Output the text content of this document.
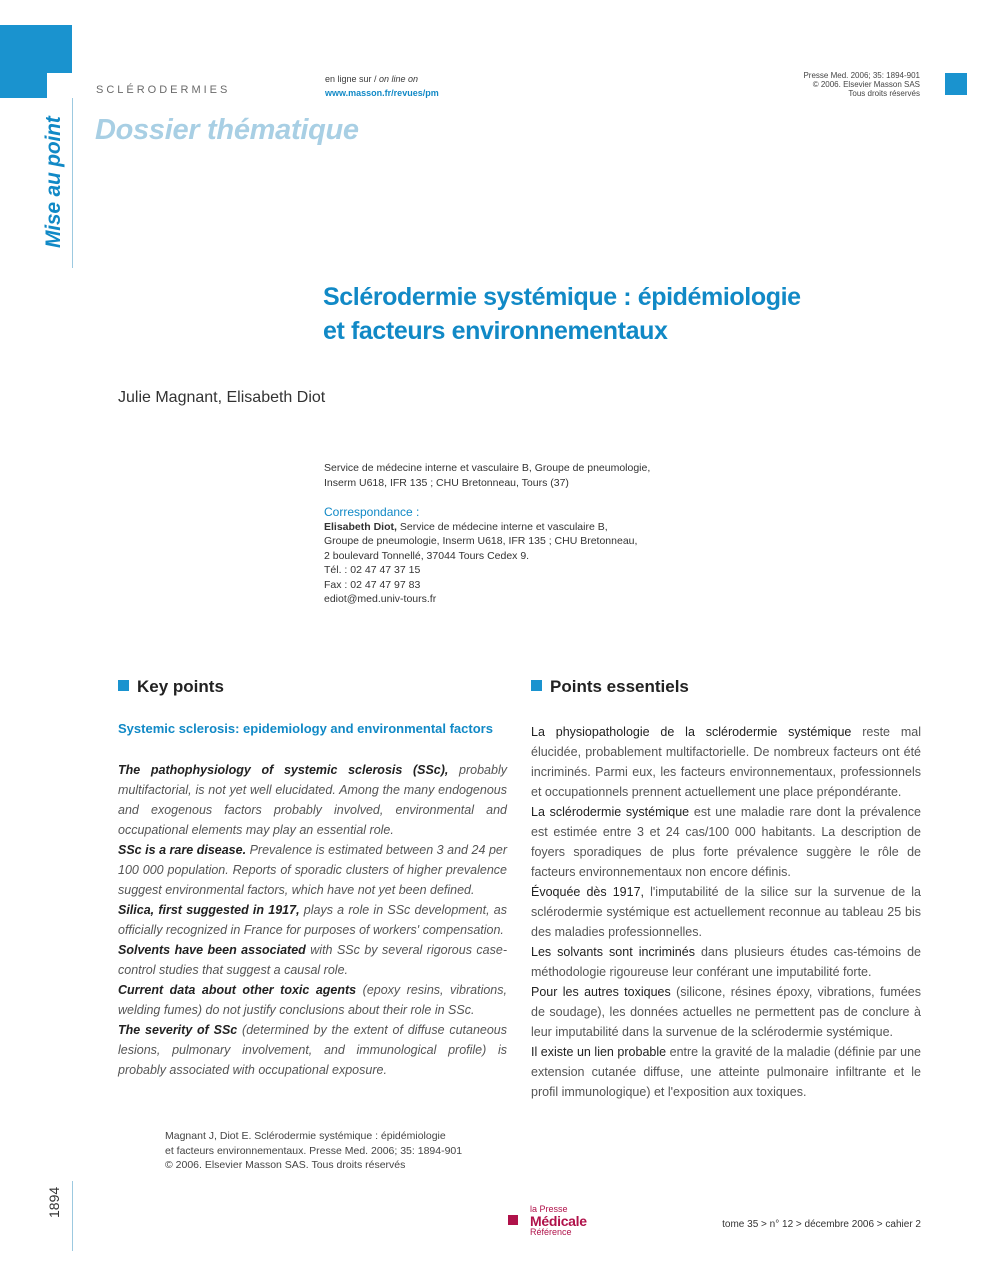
Mise au point
SCLÉRODERMIES
Dossier thématique
en ligne sur / on line on
www.masson.fr/revues/pm
Presse Med. 2006; 35: 1894-901
© 2006. Elsevier Masson SAS
Tous droits réservés
Sclérodermie systémique : épidémiologie
et facteurs environnementaux
Julie Magnant, Elisabeth Diot
Service de médecine interne et vasculaire B, Groupe de pneumologie,
Inserm U618, IFR 135 ; CHU Bretonneau, Tours (37)
Correspondance :
Elisabeth Diot, Service de médecine interne et vasculaire B,
Groupe de pneumologie, Inserm U618, IFR 135 ; CHU Bretonneau,
2 boulevard Tonnellé, 37044 Tours Cedex 9.
Tél. : 02 47 47 37 15
Fax : 02 47 47 97 83
ediot@med.univ-tours.fr
Key points
Systemic sclerosis: epidemiology and environmental factors

The pathophysiology of systemic sclerosis (SSc), probably multifactorial, is not yet well elucidated. Among the many endogenous and exogenous factors probably involved, environmental and occupational elements may play an essential role.

SSc is a rare disease. Prevalence is estimated between 3 and 24 per 100 000 population. Reports of sporadic clusters of higher prevalence suggest environmental factors, which have not yet been defined.

Silica, first suggested in 1917, plays a role in SSc development, as officially recognized in France for purposes of workers' compensation.

Solvents have been associated with SSc by several rigorous case-control studies that suggest a causal role.

Current data about other toxic agents (epoxy resins, vibrations, welding fumes) do not justify conclusions about their role in SSc.

The severity of SSc (determined by the extent of diffuse cutaneous lesions, pulmonary involvement, and immunological profile) is probably associated with occupational exposure.

Points essentiels

La physiopathologie de la sclérodermie systémique reste mal élucidée, probablement multifactorielle. De nombreux facteurs ont été incriminés. Parmi eux, les facteurs environnementaux, professionnels et occupationnels prennent actuellement une place prépondérante.

La sclérodermie systémique est une maladie rare dont la prévalence est estimée entre 3 et 24 cas/100 000 habitants. La description de foyers sporadiques de plus forte prévalence suggère le rôle de facteurs environnementaux non encore définis.

Évoquée dès 1917, l'imputabilité de la silice sur la survenue de la sclérodermie systémique est actuellement reconnue au tableau 25 bis des maladies professionnelles.

Les solvants sont incriminés dans plusieurs études cas-témoins de méthodologie rigoureuse leur conférant une imputabilité forte.

Pour les autres toxiques (silicone, résines époxy, vibrations, fumées de soudage), les données actuelles ne permettent pas de conclure à leur imputabilité dans la survenue de la sclérodermie systémique.

Il existe un lien probable entre la gravité de la maladie (définie par une extension cutanée diffuse, une atteinte pulmonaire infiltrante et le profil immunologique) et l'exposition aux toxiques.

Magnant J, Diot E. Sclérodermie systémique : épidémiologie
et facteurs environnementaux. Presse Med. 2006; 35: 1894-901
© 2006. Elsevier Masson SAS. Tous droits réservés
1894	la Presse
Médicale
Référence
tome 35 > n° 12 > décembre 2006 > cahier 2
